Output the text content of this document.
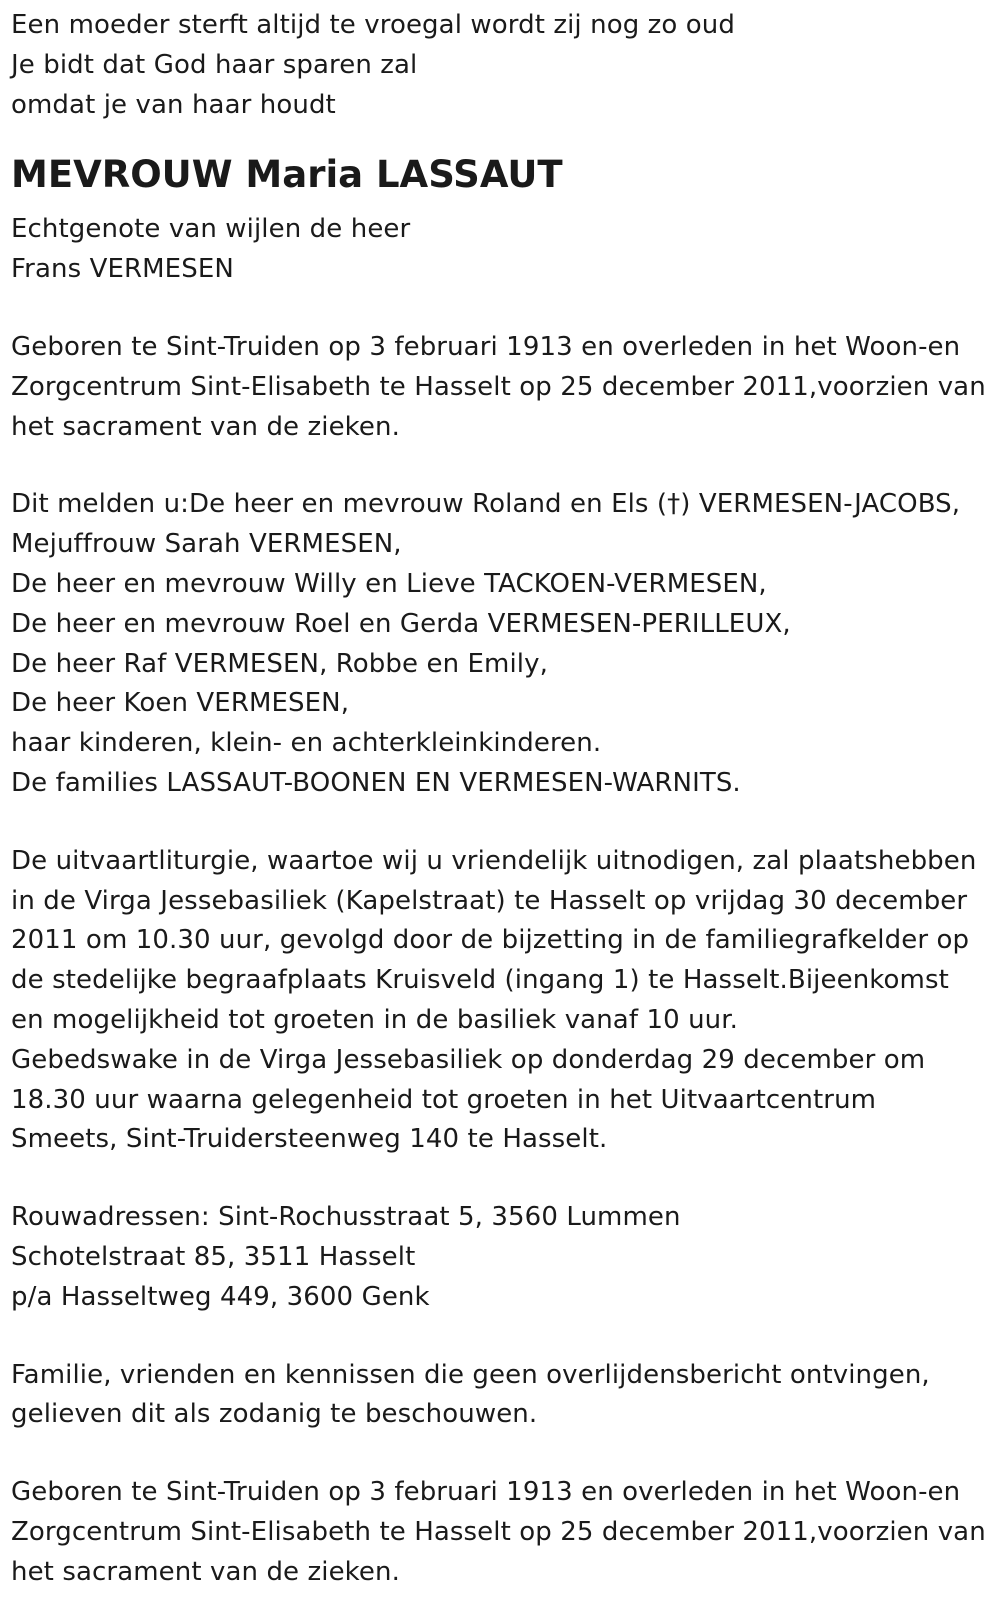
Een moeder sterft altijd te vroegal wordt zij nog zo oud
Je bidt dat God haar sparen zal
omdat je van haar houdt
MEVROUW Maria LASSAUT
Echtgenote van wijlen de heer
Frans VERMESEN
Geboren te Sint-Truiden op 3 februari 1913 en overleden in het Woon-en
Zorgcentrum Sint-Elisabeth te Hasselt op 25 december 2011,voorzien van
het sacrament van de zieken.
Dit melden u:De heer en mevrouw Roland en Els (†) VERMESEN-JACOBS,
Mejuffrouw Sarah VERMESEN,
De heer en mevrouw Willy en Lieve TACKOEN-VERMESEN,
De heer en mevrouw Roel en Gerda VERMESEN-PERILLEUX,
De heer Raf VERMESEN, Robbe en Emily,
De heer Koen VERMESEN,
haar kinderen, klein- en achterkleinkinderen.
De families LASSAUT-BOONEN EN VERMESEN-WARNITS.
De uitvaartliturgie, waartoe wij u vriendelijk uitnodigen, zal plaatshebben
in de Virga Jessebasiliek (Kapelstraat) te Hasselt op vrijdag 30 december
2011 om 10.30 uur, gevolgd door de bijzetting in de familiegrafkelder op
de stedelijke begraafplaats Kruisveld (ingang 1) te Hasselt.Bijeenkomst
en mogelijkheid tot groeten in de basiliek vanaf 10 uur.
Gebedswake in de Virga Jessebasiliek op donderdag 29 december om
18.30 uur waarna gelegenheid tot groeten in het Uitvaartcentrum
Smeets, Sint-Truidersteenweg 140 te Hasselt.
Rouwadressen: Sint-Rochusstraat 5, 3560 Lummen
Schotelstraat 85, 3511 Hasselt
p/a Hasseltweg 449, 3600 Genk
Familie, vrienden en kennissen die geen overlijdensbericht ontvingen,
gelieven dit als zodanig te beschouwen.
Geboren te Sint-Truiden op 3 februari 1913 en overleden in het Woon-en
Zorgcentrum Sint-Elisabeth te Hasselt op 25 december 2011,voorzien van
het sacrament van de zieken.
